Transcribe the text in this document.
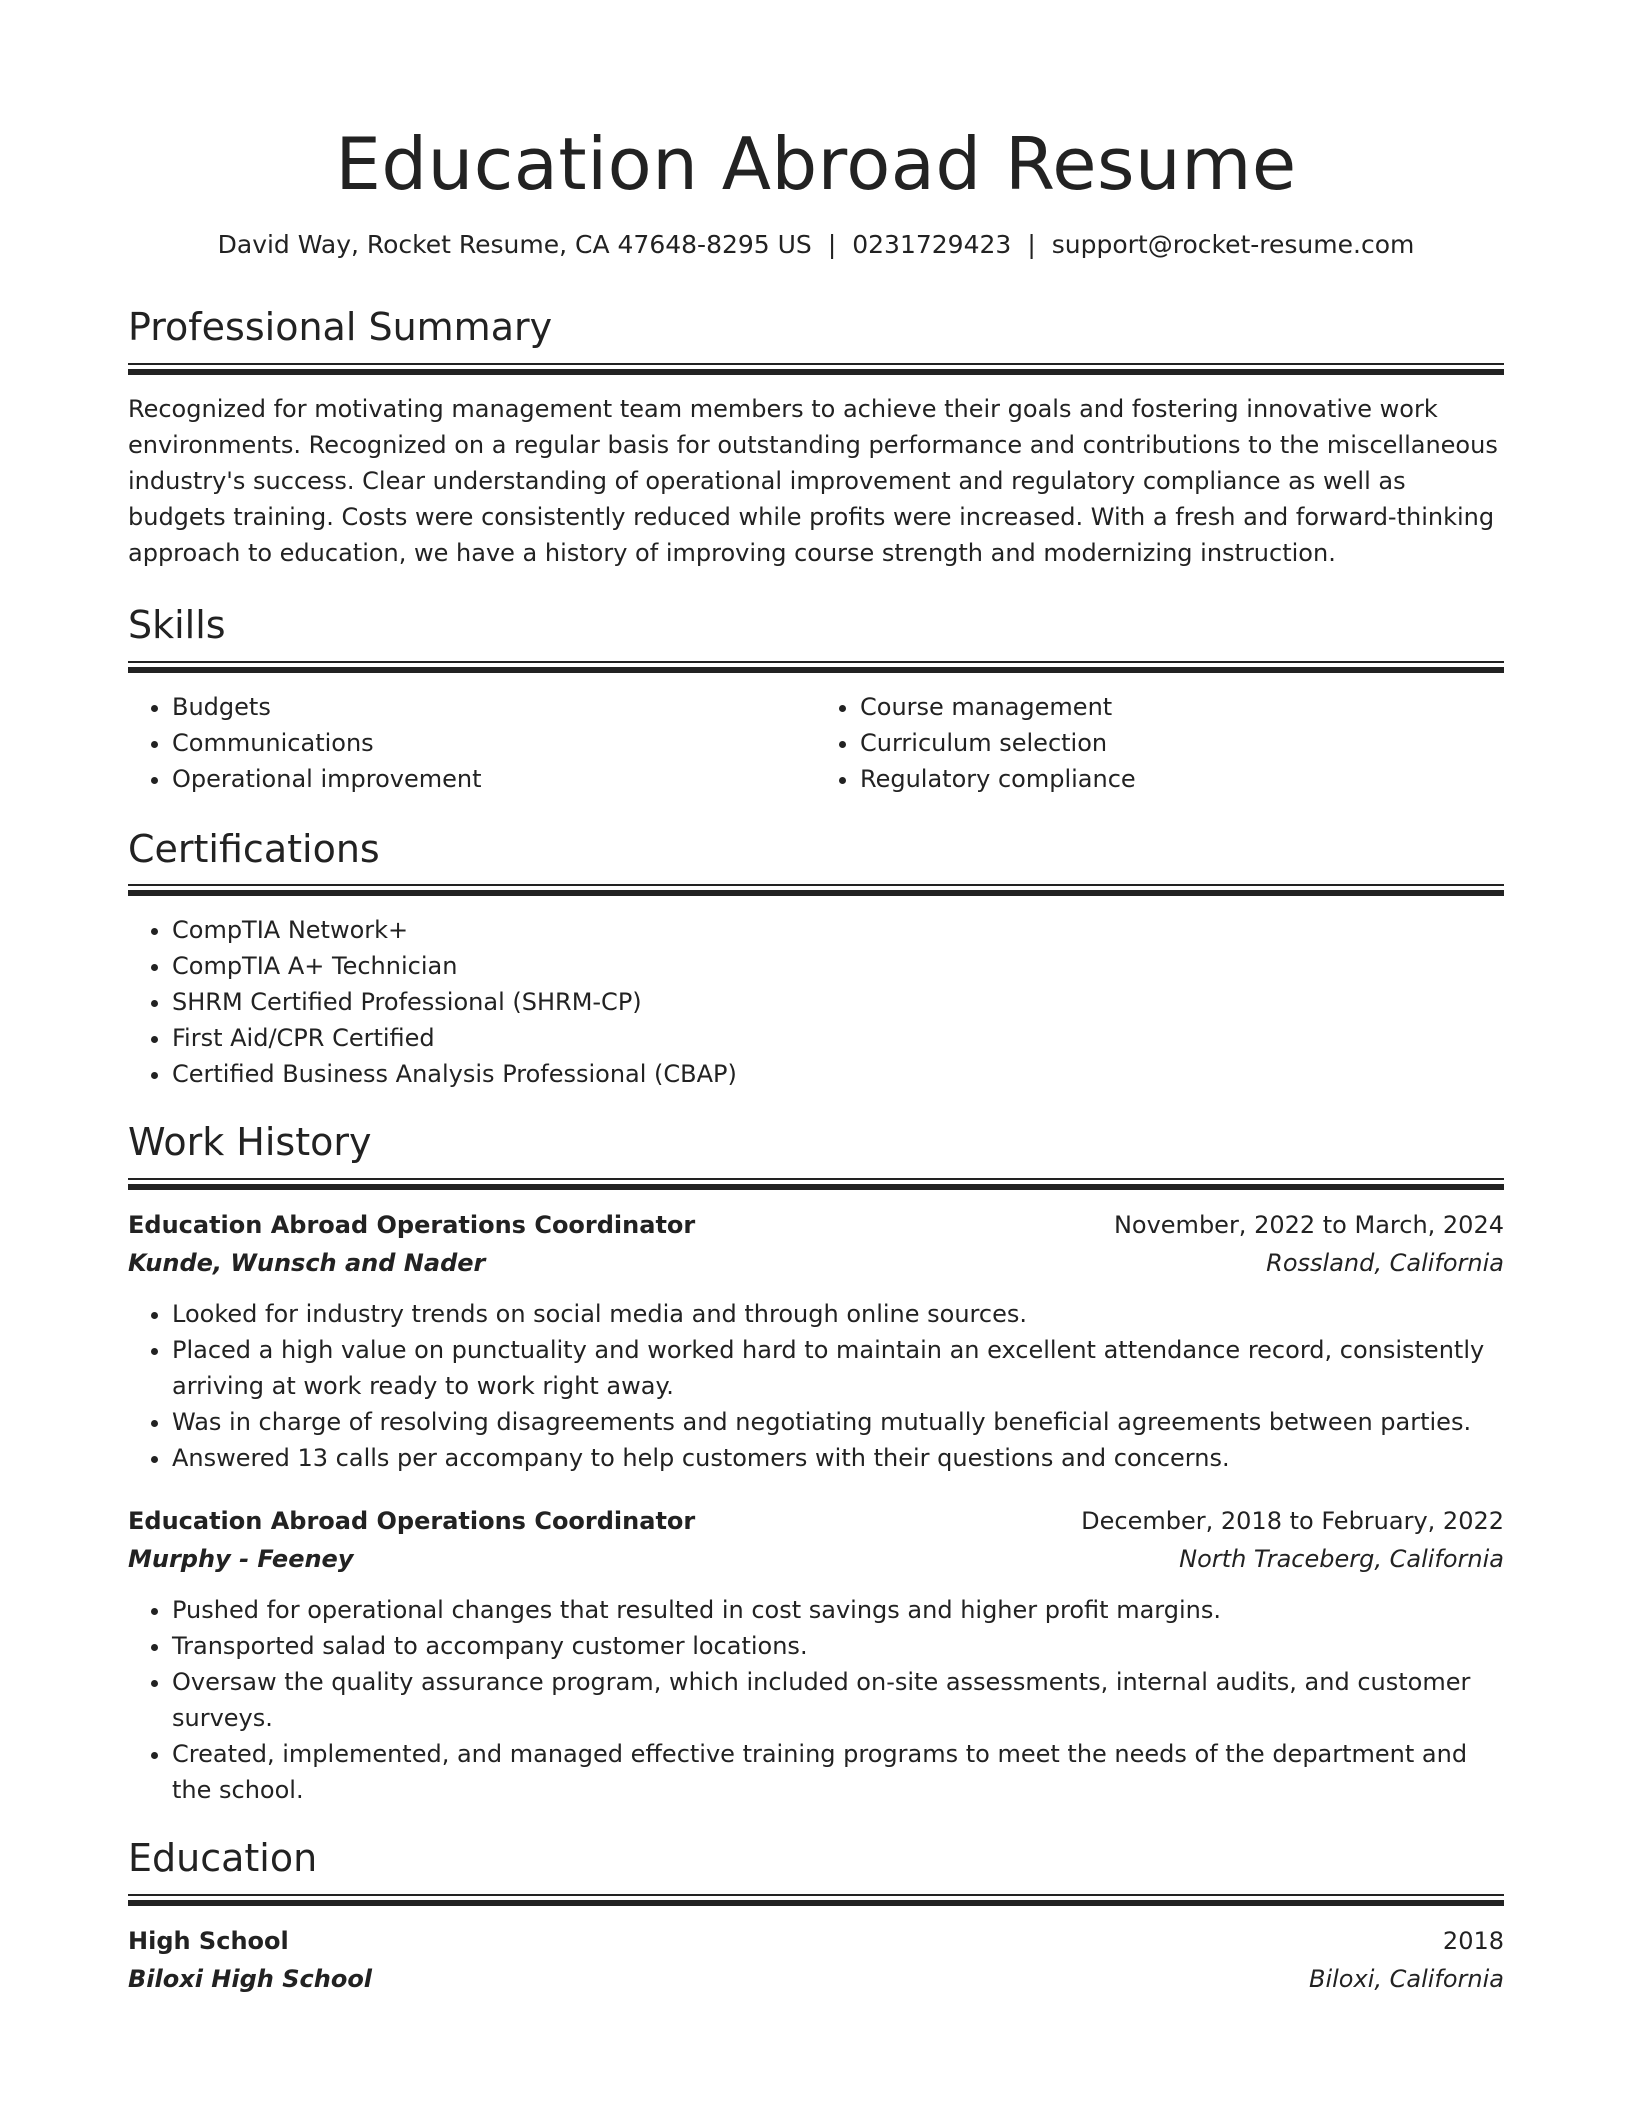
Education Abroad Resume
David Way, Rocket Resume, CA 47648-8295 US | 0231729423 | support@rocket-resume.com
Professional Summary

Recognized for motivating management team members to achieve their goals and fostering innovative work environments. Recognized on a regular basis for outstanding performance and contributions to the miscellaneous industry's success. Clear understanding of operational improvement and regulatory compliance as well as budgets training. Costs were consistently reduced while profits were increased. With a fresh and forward-thinking approach to education, we have a history of improving course strength and modernizing instruction.

Skills
• Budgets
• Communications
• Operational improvement
• Course management
• Curriculum selection
• Regulatory compliance
Certifications
• CompTIA Network+
• CompTIA A+ Technician
• SHRM Certified Professional (SHRM-CP)
• First Aid/CPR Certified
• Certified Business Analysis Professional (CBAP)
Work History
Education Abroad Operations Coordinator	November, 2022 to March, 2024
Kunde, Wunsch and Nader	Rossland, California
• Looked for industry trends on social media and through online sources.
• Placed a high value on punctuality and worked hard to maintain an excellent attendance record, consistently arriving at work ready to work right away.
• Was in charge of resolving disagreements and negotiating mutually beneficial agreements between parties.
• Answered 13 calls per accompany to help customers with their questions and concerns.
Education Abroad Operations Coordinator	December, 2018 to February, 2022
Murphy - Feeney	North Traceberg, California
• Pushed for operational changes that resulted in cost savings and higher profit margins.
• Transported salad to accompany customer locations.
• Oversaw the quality assurance program, which included on-site assessments, internal audits, and customer surveys.
• Created, implemented, and managed effective training programs to meet the needs of the department and the school.
Education
High School	2018
Biloxi High School	Biloxi, California
